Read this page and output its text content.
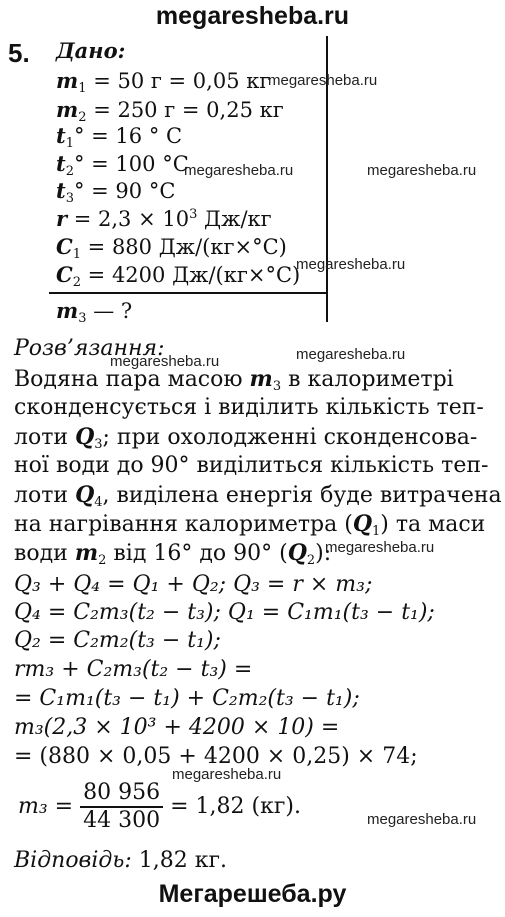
megaresheba.ru
5. Дано:
$m_1 = 50$ г = 0,05 кг
$m_2 = 250$ г = 0,25 кг
$t_1^\circ = 16$ ° C
$t_2^\circ = 100$ °C
$t_3^\circ = 90$ °C
$r = 2,3 \times 10^3$ Дж/кг
$C_1 = 880$ Дж/(кг×°C)
$C_2 = 4200$ Дж/(кг×°C)
$m_3$ — ?
Розв’язання:
Водяна пара масою $m_3$ в калориметрі
сконденсується і виділить кількість теп-
лоти $Q_3$; при охолодженні сконденсова-
ної води до 90° виділиться кількість теп-
лоти $Q_4$, виділена енергія буде витрачена
на нагрівання калориметра $(Q_1)$ та маси
води $m_2$ від 16° до 90° $(Q_2)$:
Q₃ + Q₄ = Q₁ + Q₂; Q₃ = r × m₃;
Q₄ = C₂m₃(t₂ − t₃); Q₁ = C₁m₁(t₃ − t₁);
Q₂ = C₂m₂(t₃ − t₁);
rm₃ + C₂m₃(t₂ − t₃) =
= C₁m₁(t₃ − t₁) + C₂m₂(t₃ − t₁);
m₃(2,3 × 10³ + 4200 × 10) =
= (880 × 0,05 + 4200 × 0,25) × 74;
$m_3 = \frac{80 956}{44 300} = 1,82$ (кг).
Відповідь: 1,82 кг.
megaresheba.ru
megaresheba.ru	megaresheba.ru
megaresheba.ru
megaresheba.ru
megaresheba.ru
megaresheba.ru
megaresheba.ru
megaresheba.ru
Мегарешеба.ру
